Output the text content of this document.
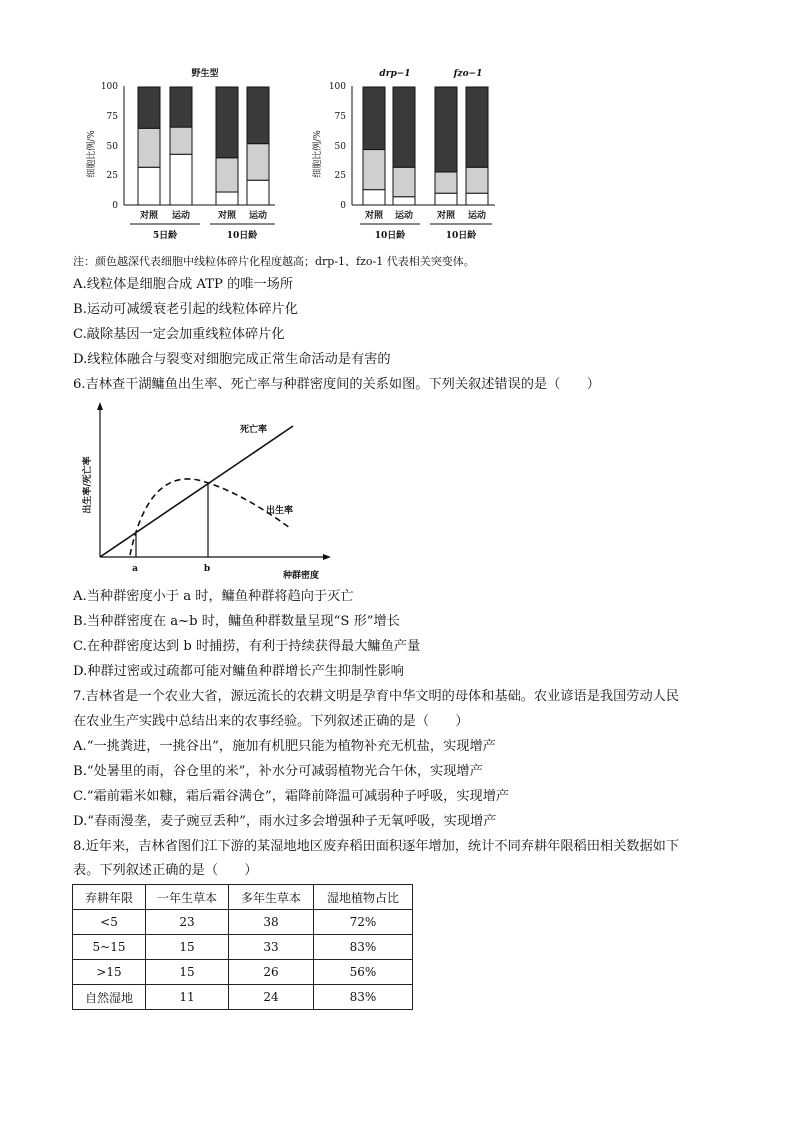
野生型
细胞比例/%
100
75
50
25
0
对照 运动	对照 运动
5日龄	10日龄
drp−1	fzo−1
细胞比例/%
100
75
50
25
0
对照 运动	对照 运动
10日龄	10日龄
注：颜色越深代表细胞中线粒体碎片化程度越高；drp-1、fzo-1 代表相关突变体。
A.线粒体是细胞合成 ATP 的唯一场所
B.运动可减缓衰老引起的线粒体碎片化
C.敲除基因一定会加重线粒体碎片化
D.线粒体融合与裂变对细胞完成正常生命活动是有害的
6.吉林查干湖鳙鱼出生率、死亡率与种群密度间的关系如图。下列关叙述错误的是（　　）
出生率/死亡率
a	b
死亡率
出生率
种群密度
A.当种群密度小于 a 时，鳙鱼种群将趋向于灭亡
B.当种群密度在 a~b 时，鳙鱼种群数量呈现“S 形”增长
C.在种群密度达到 b 时捕捞，有利于持续获得最大鳙鱼产量
D.种群过密或过疏都可能对鳙鱼种群增长产生抑制性影响
7.吉林省是一个农业大省，源远流长的农耕文明是孕育中华文明的母体和基础。农业谚语是我国劳动人民
在农业生产实践中总结出来的农事经验。下列叙述正确的是（　　）
A.“一挑粪进，一挑谷出”，施加有机肥只能为植物补充无机盐，实现增产
B.“处暑里的雨，谷仓里的米”，补水分可减弱植物光合午休，实现增产
C.“霜前霜米如糠，霜后霜谷满仓”，霜降前降温可减弱种子呼吸，实现增产
D.“春雨漫垄，麦子豌豆丢种”，雨水过多会增强种子无氧呼吸，实现增产
8.近年来，吉林省图们江下游的某湿地地区废弃稻田面积逐年增加，统计不同弃耕年限稻田相关数据如下
表。下列叙述正确的是（　　）
弃耕年限	一年生草本	多年生草本	湿地植物占比
<5	23	38	72%
5~15	15	33	83%
>15	15	26	56%
自然湿地	11	24	83%
